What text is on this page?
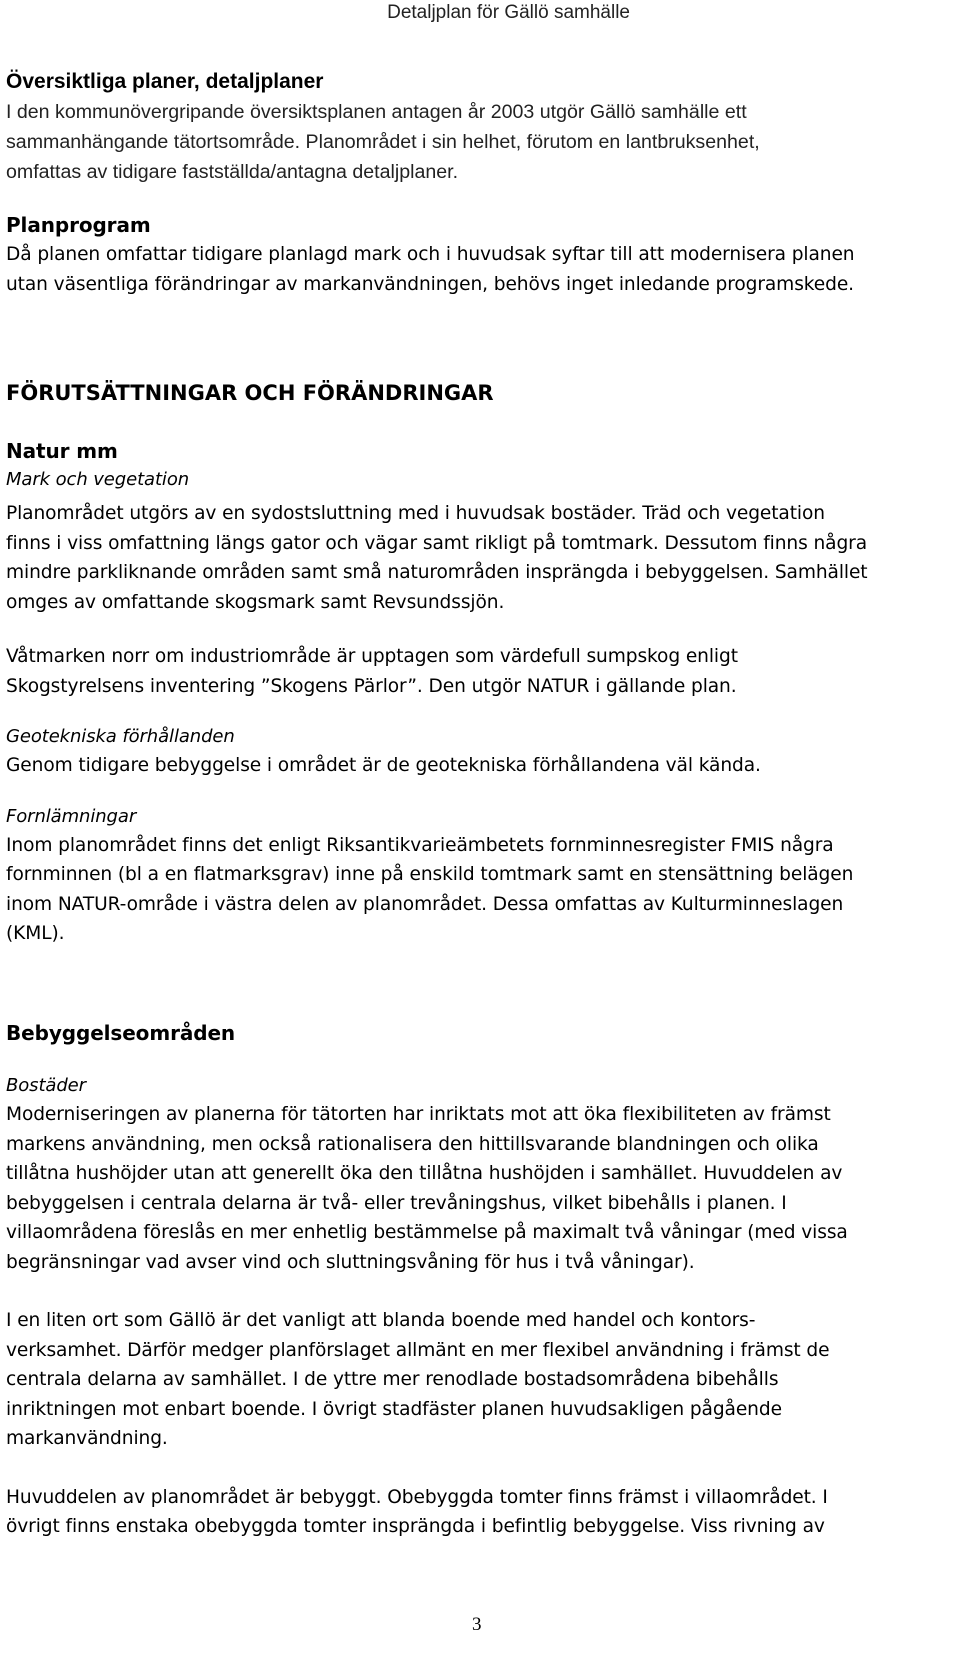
Detaljplan för Gällö samhälle

Översiktliga planer, detaljplaner

I den kommunövergripande översiktsplanen antagen år 2003 utgör Gällö samhälle ett

sammanhängande tätortsområde. Planområdet i sin helhet, förutom en lantbruksenhet,

omfattas av tidigare fastställda/antagna detaljplaner.

Planprogram

Då planen omfattar tidigare planlagd mark och i huvudsak syftar till att modernisera planen

utan väsentliga förändringar av markanvändningen, behövs inget inledande programskede.

FÖRUTSÄTTNINGAR OCH FÖRÄNDRINGAR

Natur mm

Mark och vegetation

Planområdet utgörs av en sydostsluttning med i huvudsak bostäder. Träd och vegetation

finns i viss omfattning längs gator och vägar samt rikligt på tomtmark. Dessutom finns några

mindre parkliknande områden samt små naturområden insprängda i bebyggelsen. Samhället

omges av omfattande skogsmark samt Revsundssjön.

Våtmarken norr om industriområde är upptagen som värdefull sumpskog enligt

Skogstyrelsens inventering ”Skogens Pärlor”. Den utgör NATUR i gällande plan.

Geotekniska förhållanden

Genom tidigare bebyggelse i området är de geotekniska förhållandena väl kända.

Fornlämningar

Inom planområdet finns det enligt Riksantikvarieämbetets fornminnesregister FMIS några

fornminnen (bl a en flatmarksgrav) inne på enskild tomtmark samt en stensättning belägen

inom NATUR-område i västra delen av planområdet. Dessa omfattas av Kulturminneslagen

(KML).

Bebyggelseområden

Bostäder

Moderniseringen av planerna för tätorten har inriktats mot att öka flexibiliteten av främst

markens användning, men också rationalisera den hittillsvarande blandningen och olika

tillåtna hushöjder utan att generellt öka den tillåtna hushöjden i samhället. Huvuddelen av

bebyggelsen i centrala delarna är två- eller trevåningshus, vilket bibehålls i planen. I

villaområdena föreslås en mer enhetlig bestämmelse på maximalt två våningar (med vissa

begränsningar vad avser vind och sluttningsvåning för hus i två våningar).

I en liten ort som Gällö är det vanligt att blanda boende med handel och kontors-

verksamhet. Därför medger planförslaget allmänt en mer flexibel användning i främst de

centrala delarna av samhället. I de yttre mer renodlade bostadsområdena bibehålls

inriktningen mot enbart boende. I övrigt stadfäster planen huvudsakligen pågående

markanvändning.

Huvuddelen av planområdet är bebyggt. Obebyggda tomter finns främst i villaområdet. I

övrigt finns enstaka obebyggda tomter insprängda i befintlig bebyggelse. Viss rivning av

3
